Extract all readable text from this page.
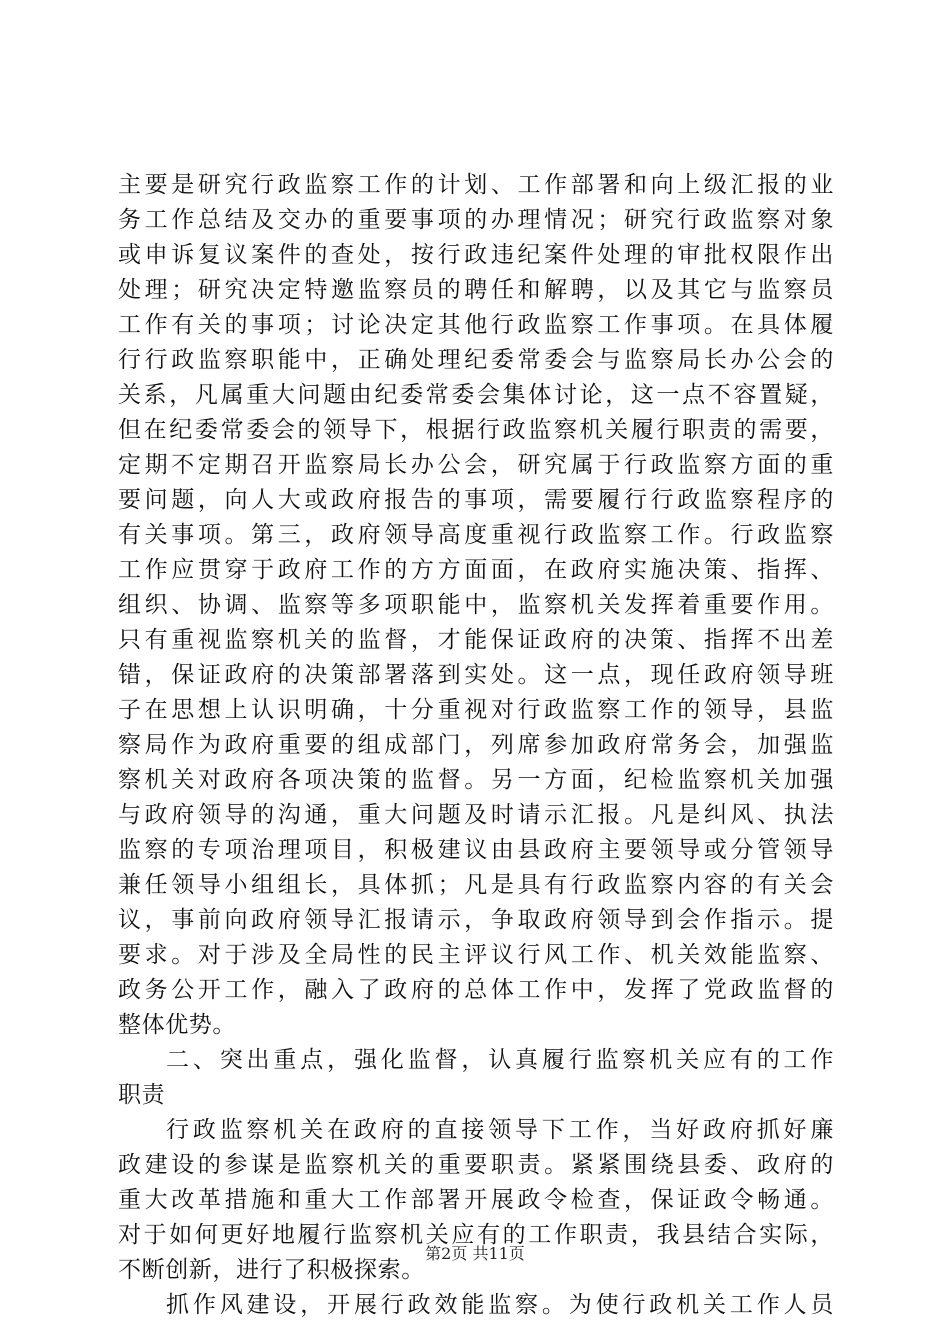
主要是研究行政监察工作的计划、工作部署和向上级汇报的业
务工作总结及交办的重要事项的办理情况；研究行政监察对象
或申诉复议案件的查处，按行政违纪案件处理的审批权限作出
处理；研究决定特邀监察员的聘任和解聘，以及其它与监察员
工作有关的事项；讨论决定其他行政监察工作事项。在具体履
行行政监察职能中，正确处理纪委常委会与监察局长办公会的
关系，凡属重大问题由纪委常委会集体讨论，这一点不容置疑，
但在纪委常委会的领导下，根据行政监察机关履行职责的需要，
定期不定期召开监察局长办公会，研究属于行政监察方面的重
要问题，向人大或政府报告的事项，需要履行行政监察程序的
有关事项。第三，政府领导高度重视行政监察工作。行政监察
工作应贯穿于政府工作的方方面面，在政府实施决策、指挥、
组织、协调、监察等多项职能中，监察机关发挥着重要作用。
只有重视监察机关的监督，才能保证政府的决策、指挥不出差
错，保证政府的决策部署落到实处。这一点，现任政府领导班
子在思想上认识明确，十分重视对行政监察工作的领导，县监
察局作为政府重要的组成部门，列席参加政府常务会，加强监
察机关对政府各项决策的监督。另一方面，纪检监察机关加强
与政府领导的沟通，重大问题及时请示汇报。凡是纠风、执法
监察的专项治理项目，积极建议由县政府主要领导或分管领导
兼任领导小组组长，具体抓；凡是具有行政监察内容的有关会
议，事前向政府领导汇报请示，争取政府领导到会作指示。提
要求。对于涉及全局性的民主评议行风工作、机关效能监察、
政务公开工作，融入了政府的总体工作中，发挥了党政监督的
整体优势。
二、突出重点，强化监督，认真履行监察机关应有的工作
职责
行政监察机关在政府的直接领导下工作，当好政府抓好廉
政建设的参谋是监察机关的重要职责。紧紧围绕县委、政府的
重大改革措施和重大工作部署开展政令检查，保证政令畅通。
对于如何更好地履行监察机关应有的工作职责，我县结合实际，
不断创新，进行了积极探索。
抓作风建设，开展行政效能监察。为使行政机关工作人员
第2页 共11页
